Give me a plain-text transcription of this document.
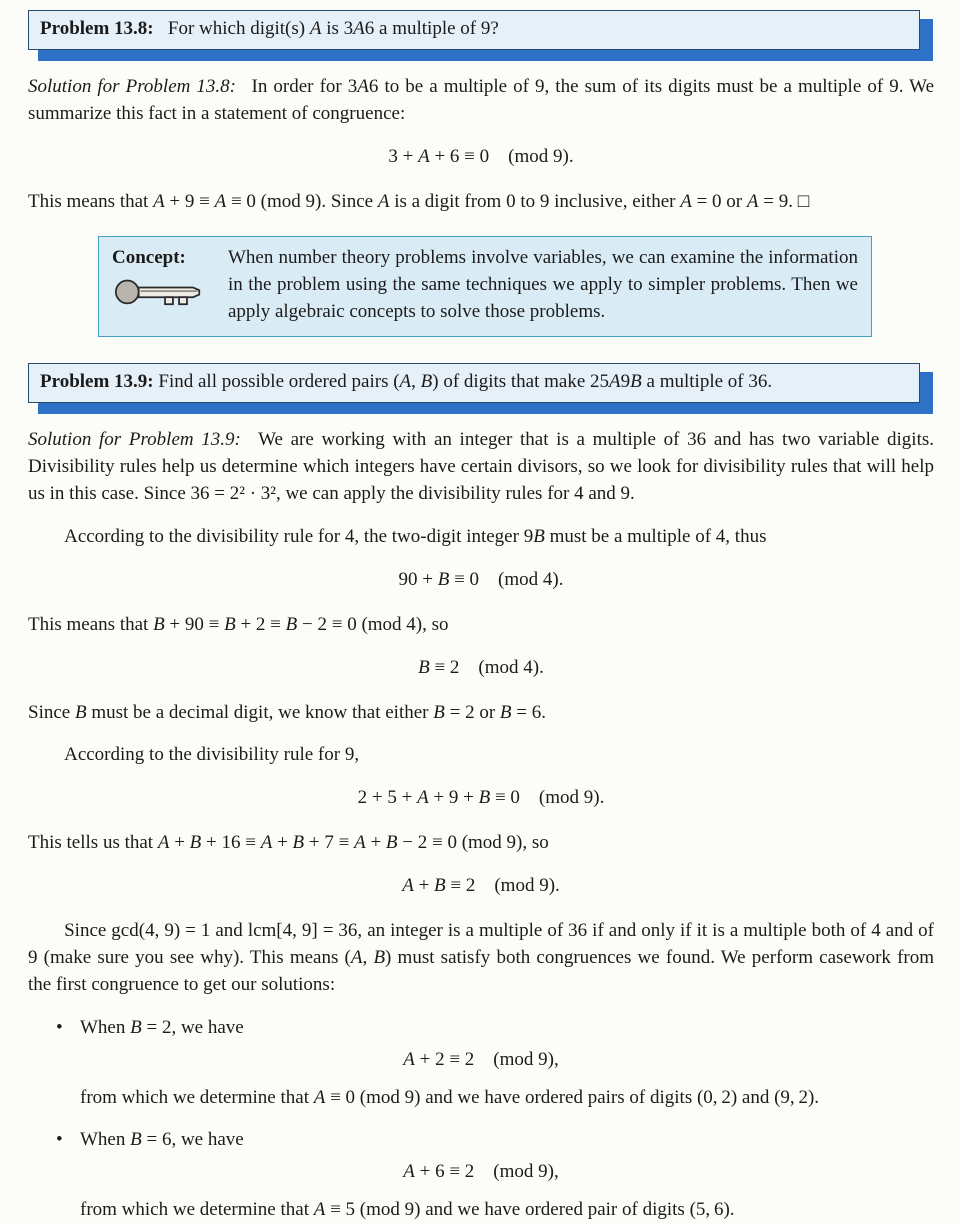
Problem 13.8:  For which digit(s) A is 3A6 a multiple of 9?

Solution for Problem 13.8:  In order for 3A6 to be a multiple of 9, the sum of its digits must be a multiple of 9. We summarize this fact in a statement of congruence:

3 + A + 6 ≡ 0 (mod 9).

This means that A + 9 ≡ A ≡ 0 (mod 9). Since A is a digit from 0 to 9 inclusive, either A = 0 or A = 9. □

Concept:	When number theory problems involve variables, we can examine the information in the problem using the same techniques we apply to simpler problems. Then we apply algebraic concepts to solve those problems.
Problem 13.9: Find all possible ordered pairs (A, B) of digits that make 25A9B a multiple of 36.

Solution for Problem 13.9:  We are working with an integer that is a multiple of 36 and has two variable digits. Divisibility rules help us determine which integers have certain divisors, so we look for divisibility rules that will help us in this case. Since 36 = 2² · 3², we can apply the divisibility rules for 4 and 9.

According to the divisibility rule for 4, the two-digit integer 9B must be a multiple of 4, thus

90 + B ≡ 0 (mod 4).

This means that B + 90 ≡ B + 2 ≡ B − 2 ≡ 0 (mod 4), so

B ≡ 2 (mod 4).

Since B must be a decimal digit, we know that either B = 2 or B = 6.

According to the divisibility rule for 9,

2 + 5 + A + 9 + B ≡ 0 (mod 9).

This tells us that A + B + 16 ≡ A + B + 7 ≡ A + B − 2 ≡ 0 (mod 9), so

A + B ≡ 2 (mod 9).

Since gcd(4, 9) = 1 and lcm[4, 9] = 36, an integer is a multiple of 36 if and only if it is a multiple both of 4 and of 9 (make sure you see why). This means (A, B) must satisfy both congruences we found. We perform casework from the first congruence to get our solutions:

• When B = 2, we have
A + 2 ≡ 2 (mod 9),

from which we determine that A ≡ 0 (mod 9) and we have ordered pairs of digits (0, 2) and (9, 2).

• When B = 6, we have
A + 6 ≡ 2 (mod 9),

from which we determine that A ≡ 5 (mod 9) and we have ordered pair of digits (5, 6).
